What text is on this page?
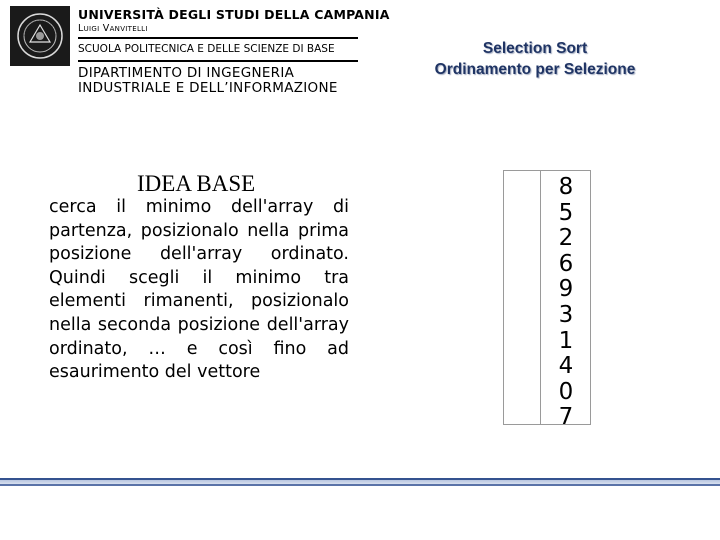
UNIVERSITÀ DEGLI STUDI DELLA CAMPANIA
Luigi Vanvitelli
SCUOLA POLITECNICA E DELLE SCIENZE DI BASE
DIPARTIMENTO DI INGEGNERIA
INDUSTRIALE E DELL’INFORMAZIONE
Selection Sort
Ordinamento per Selezione
IDEA BASE
cerca il minimo dell'array di partenza, posizionalo nella prima posizione dell'array ordinato. Quindi scegli il minimo tra elementi rimanenti, posizionalo nella seconda posizione dell'array ordinato, … e così fino ad esaurimento del vettore
8
5
2
6
9
3
1
4
0
7
